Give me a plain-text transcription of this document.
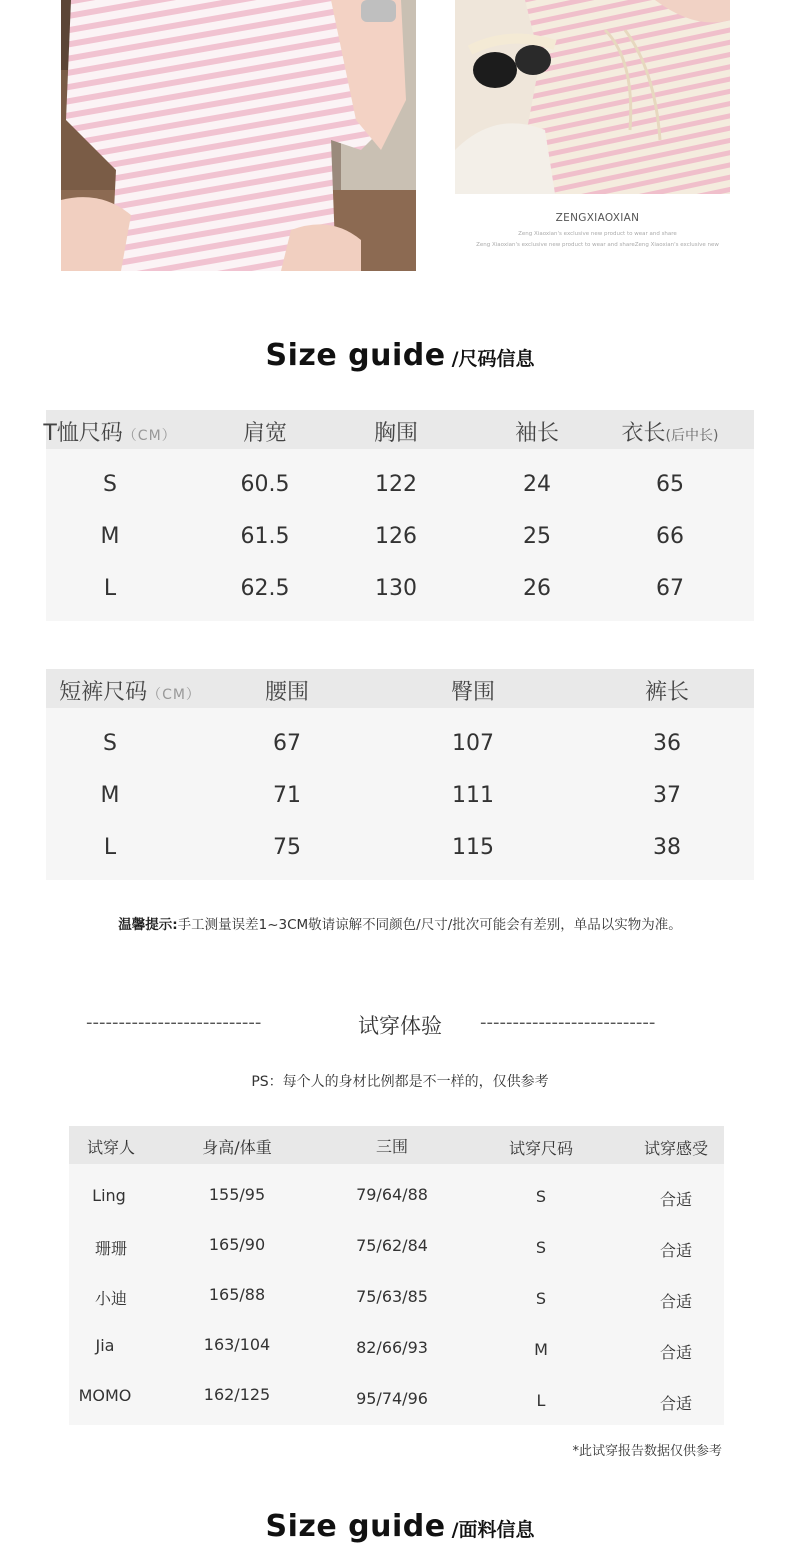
ZENGXIAOXIAN
Zeng Xiaoxian's exclusive new product to wear and share
Zeng Xiaoxian's exclusive new product to wear and shareZeng Xiaoxian's exclusive new
Size guide /尺码信息
T恤尺码（CM）	肩宽	胸围	袖长	衣长(后中长)
S	60.5	122	24	65
M	61.5	126	25	66
L	62.5	130	26	67
短裤尺码（CM）	腰围	臀围	裤长
S	67	107	36
M	71	111	37
L	75	115	38
温馨提示:手工测量误差1~3CM敬请谅解不同颜色/尺寸/批次可能会有差别，单品以实物为准。
---------------------------	试穿体验	---------------------------
PS：每个人的身材比例都是不一样的，仅供参考
试穿人	身高/体重	三围	试穿尺码	试穿感受
Ling	155/95	79/64/88	S	合适
珊珊	165/90	75/62/84	S	合适
小迪	165/88	75/63/85	S	合适
Jia	163/104	82/66/93	M	合适
MOMO	162/125	95/74/96	L	合适
*此试穿报告数据仅供参考
Size guide /面料信息
